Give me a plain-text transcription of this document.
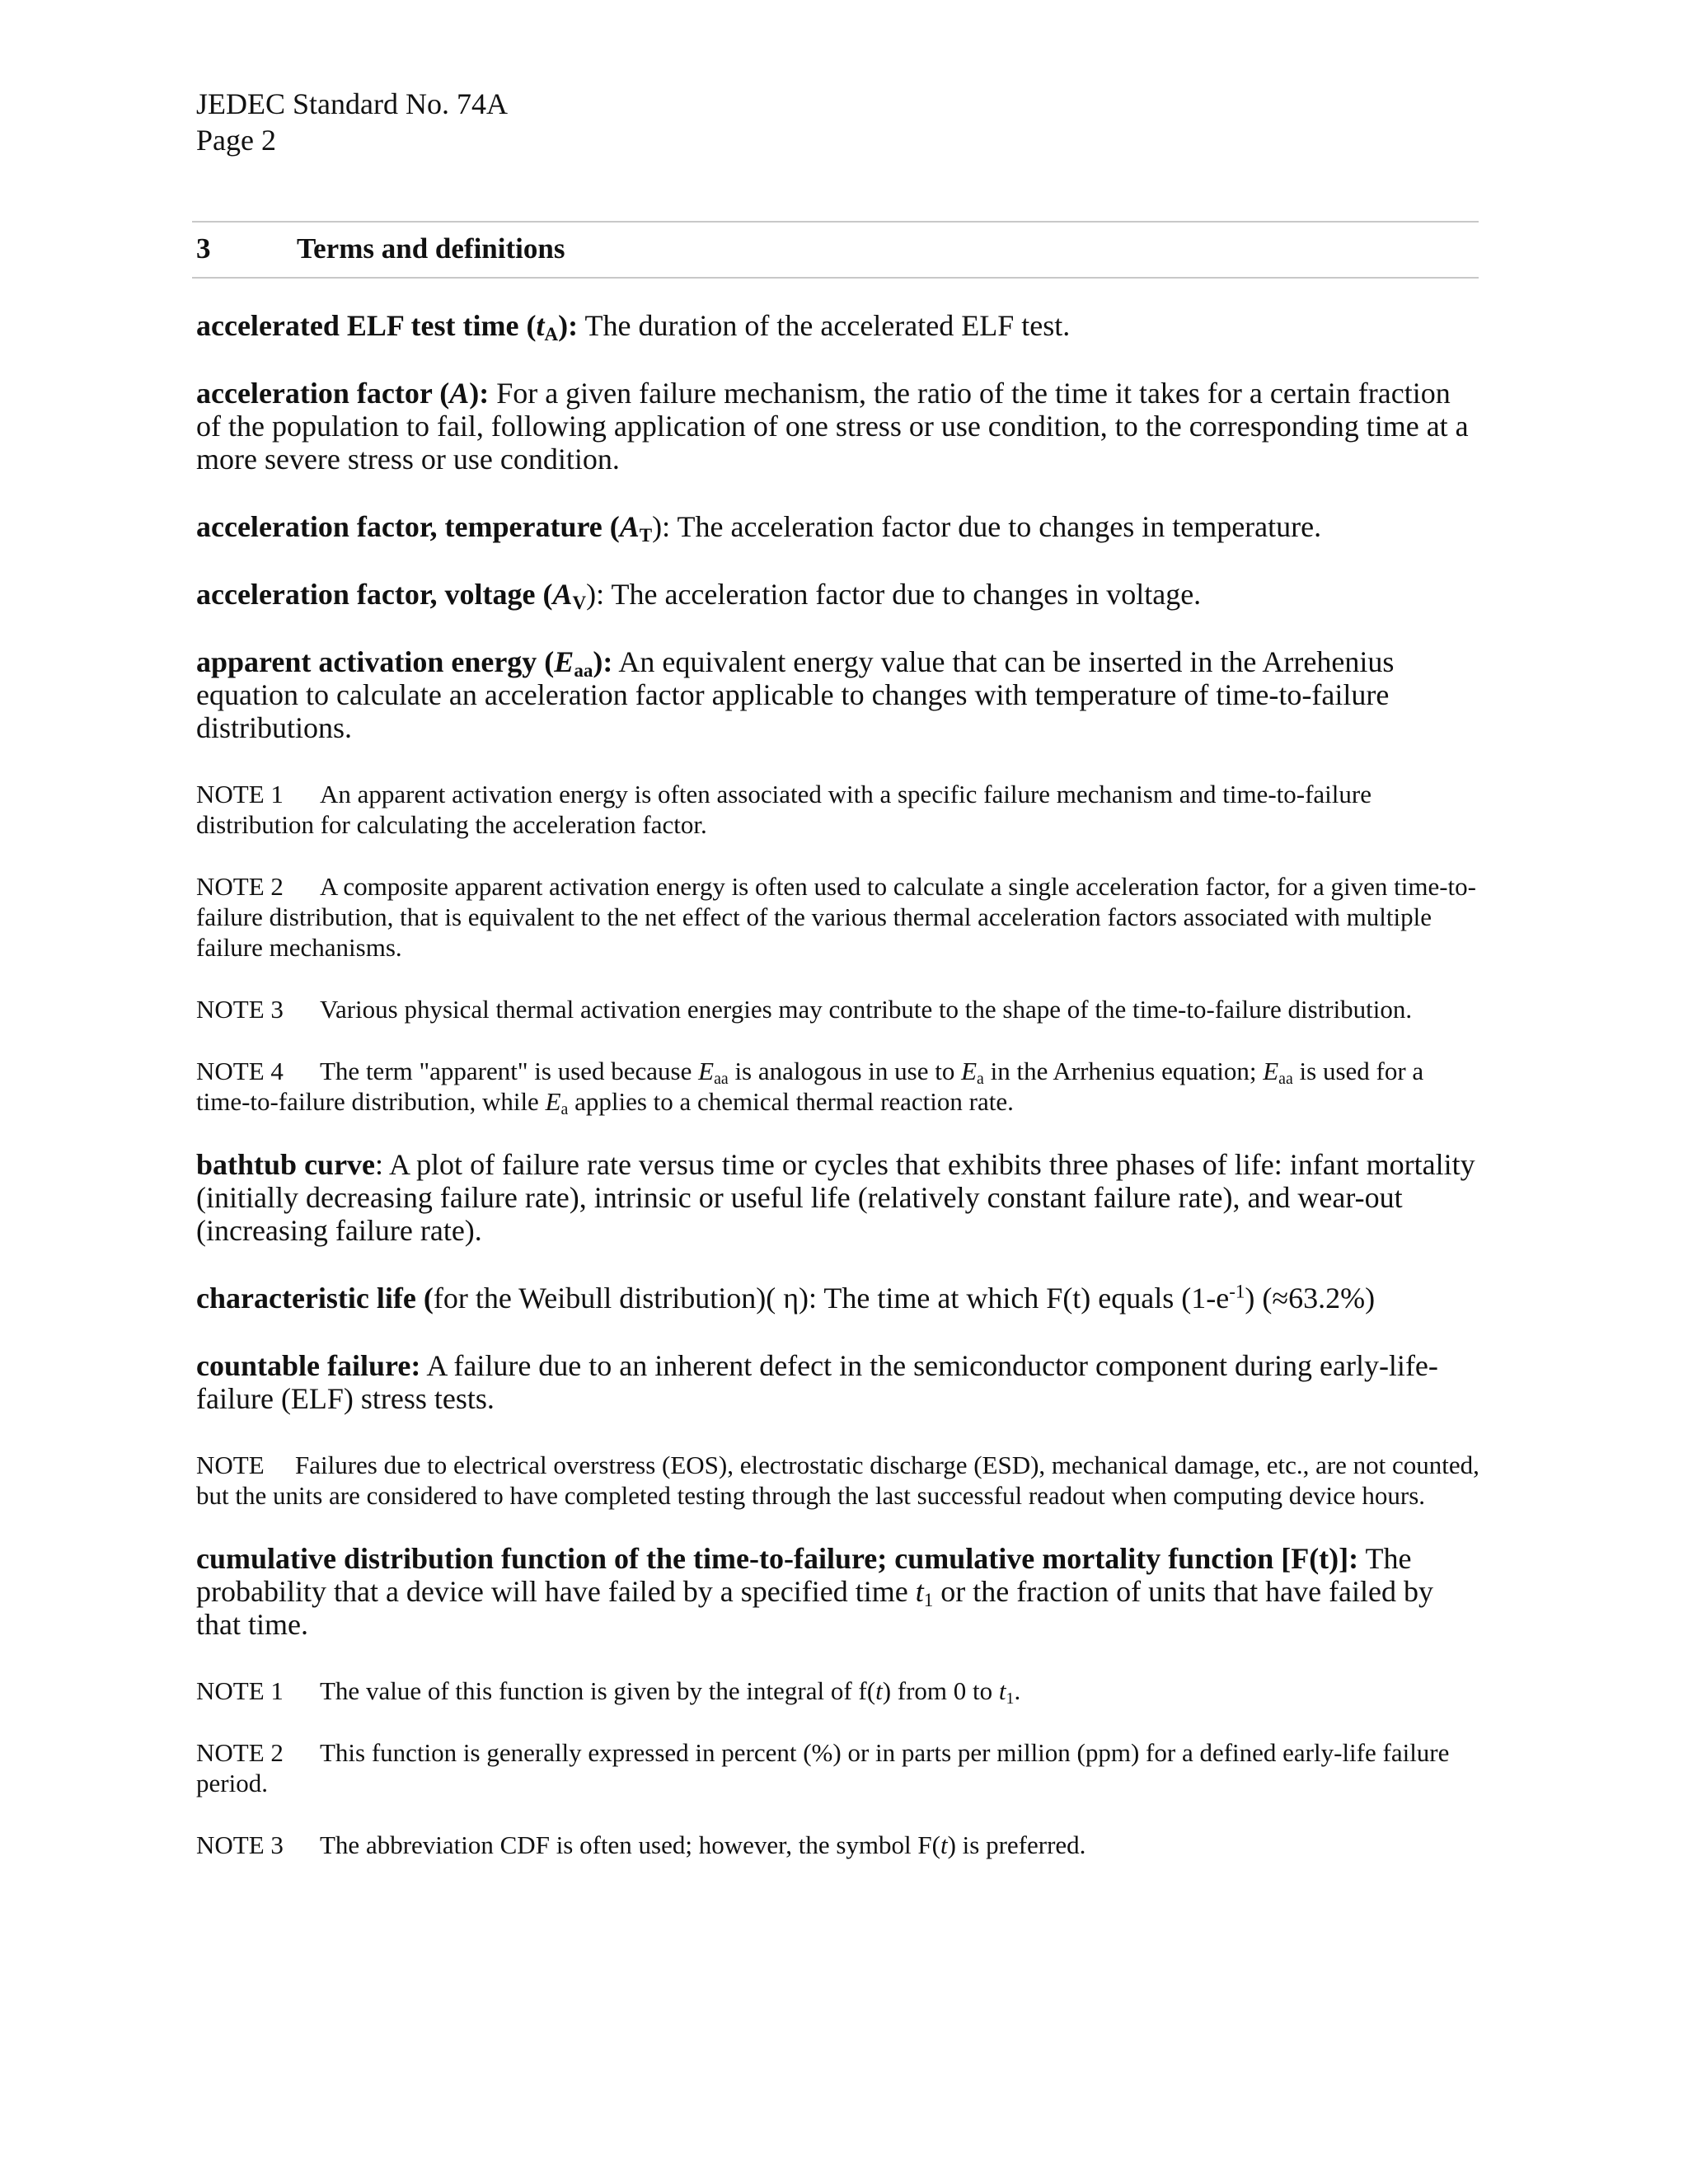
JEDEC Standard No. 74A
Page 2
3	Terms and definitions

accelerated ELF test time $(t_A)$: The duration of the accelerated ELF test.

acceleration factor (A): For a given failure mechanism, the ratio of the time it takes for a certain fraction of the population to fail, following application of one stress or use condition, to the corresponding time at a more severe stress or use condition.

acceleration factor, temperature $(A_T)$: The acceleration factor due to changes in temperature.

acceleration factor, voltage $(A_V)$: The acceleration factor due to changes in voltage.

apparent activation energy $(E_{aa})$: An equivalent energy value that can be inserted in the Arrehenius equation to calculate an acceleration factor applicable to changes with temperature of time-to-failure distributions.

NOTE 1 An apparent activation energy is often associated with a specific failure mechanism and time-to-failure distribution for calculating the acceleration factor.

NOTE 2 A composite apparent activation energy is often used to calculate a single acceleration factor, for a given time-to-failure distribution, that is equivalent to the net effect of the various thermal acceleration factors associated with multiple failure mechanisms.

NOTE 3 Various physical thermal activation energies may contribute to the shape of the time-to-failure distribution.

NOTE 4 The term "apparent" is used because $E_{aa}$ is analogous in use to $E_a$ in the Arrhenius equation; $E_{aa}$ is used for a time-to-failure distribution, while $E_a$ applies to a chemical thermal reaction rate.

bathtub curve: A plot of failure rate versus time or cycles that exhibits three phases of life: infant mortality (initially decreasing failure rate), intrinsic or useful life (relatively constant failure rate), and wear-out (increasing failure rate).

characteristic life (for the Weibull distribution)( η): The time at which F(t) equals $(1-e^{-1})$ (≈63.2%)

countable failure: A failure due to an inherent defect in the semiconductor component during early-life-failure (ELF) stress tests.

NOTE Failures due to electrical overstress (EOS), electrostatic discharge (ESD), mechanical damage, etc., are not counted, but the units are considered to have completed testing through the last successful readout when computing device hours.

cumulative distribution function of the time-to-failure; cumulative mortality function [F(t)]: The probability that a device will have failed by a specified time $t_1$ or the fraction of units that have failed by that time.

NOTE 1 The value of this function is given by the integral of f(t) from 0 to $t_1$.

NOTE 2 This function is generally expressed in percent (%) or in parts per million (ppm) for a defined early-life failure period.

NOTE 3 The abbreviation CDF is often used; however, the symbol F(t) is preferred.
